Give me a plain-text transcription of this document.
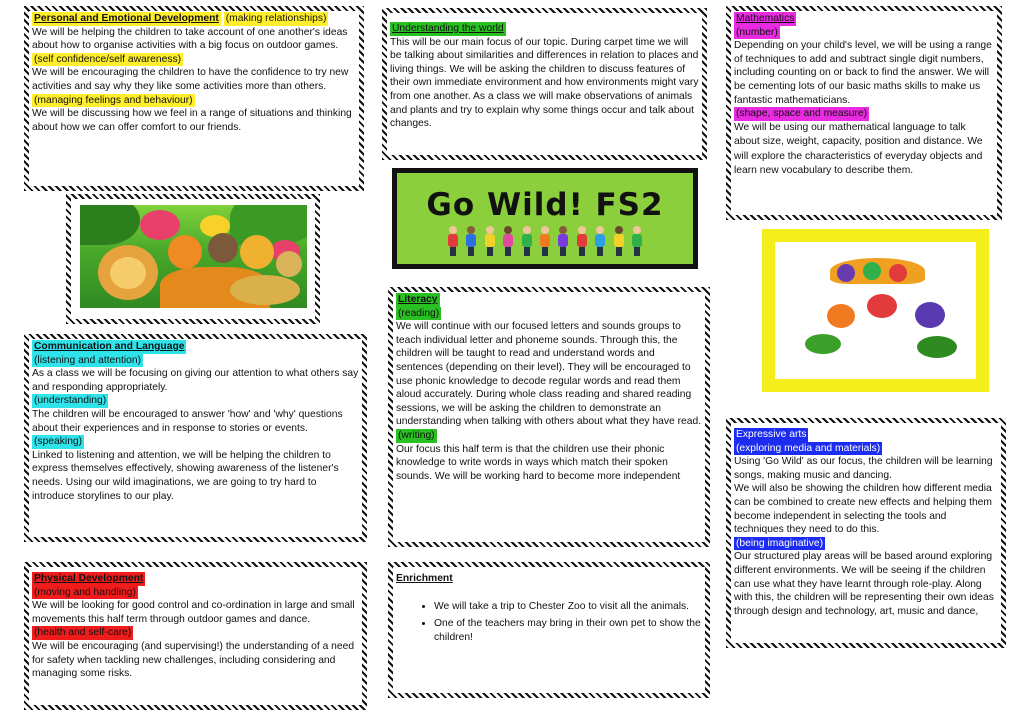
Personal and Emotional Development (making relationships)

We will be helping the children to take account of one another's ideas about how to organise activities with a big focus on outdoor games.

(self confidence/self awareness)

We will be encouraging the children to have the confidence to try new activities and say why they like some activities more than others.

(managing feelings and behaviour)

We will be discussing how we feel in a range of situations and thinking about how we can offer comfort to our friends.

Understanding the world

This will be our main focus of our topic. During carpet time we will be talking about similarities and differences in relation to places and living things. We will be asking the children to discuss features of their own immediate environment and how environments might vary from one another. As a class we will make observations of animals and plants and try to explain why some things occur and talk about changes.

Go Wild! FS2
Mathematics
(number)

Depending on your child's level, we will be using a range of techniques to add and subtract single digit numbers, including counting on or back to find the answer. We will be cementing lots of our basic maths skills to make us fantastic mathematicians.

(shape, space and measure)

We will be using our mathematical language to talk about size, weight, capacity, position and distance. We will explore the characteristics of everyday objects and learn new vocabulary to describe them.

Communication and Language
(listening and attention)

As a class we will be focusing on giving our attention to what others say and responding appropriately.

(understanding)

The children will be encouraged to answer 'how' and 'why' questions about their experiences and in response to stories or events.

(speaking)

Linked to listening and attention, we will be helping the children to express themselves effectively, showing awareness of the listener's needs. Using our wild imaginations, we are going to try hard to introduce storylines to our play.

Literacy
(reading)

We will continue with our focused letters and sounds groups to teach individual letter and phoneme sounds. Through this, the children will be taught to read and understand words and sentences (depending on their level). They will be encouraged to use phonic knowledge to decode regular words and read them aloud accurately. During whole class reading and shared reading sessions, we will be asking the children to demonstrate an understanding when talking with others about what they have read.

(writing)

Our focus this half term is that the children use their phonic knowledge to write words in ways which match their spoken sounds. We will be working hard to become more independent

Expressive arts
(exploring media and materials)

Using 'Go Wild' as our focus, the children will be learning songs, making music and dancing.

We will also be showing the children how different media can be combined to create new effects and helping them become independent in selecting the tools and techniques they need to do this.

(being imaginative)

Our structured play areas will be based around exploring different environments. We will be seeing if the children can use what they have learnt through role-play. Along with this, the children will be representing their own ideas through design and technology, art, music and dance,

Physical Development
(moving and handling)

We will be looking for good control and co-ordination in large and small movements this half term through outdoor games and dance.

(health and self-care)

We will be encouraging (and supervising!) the understanding of a need for safety when tackling new challenges, including considering and managing some risks.

Enrichment
• We will take a trip to Chester Zoo to visit all the animals.
• One of the teachers may bring in their own pet to show the children!
